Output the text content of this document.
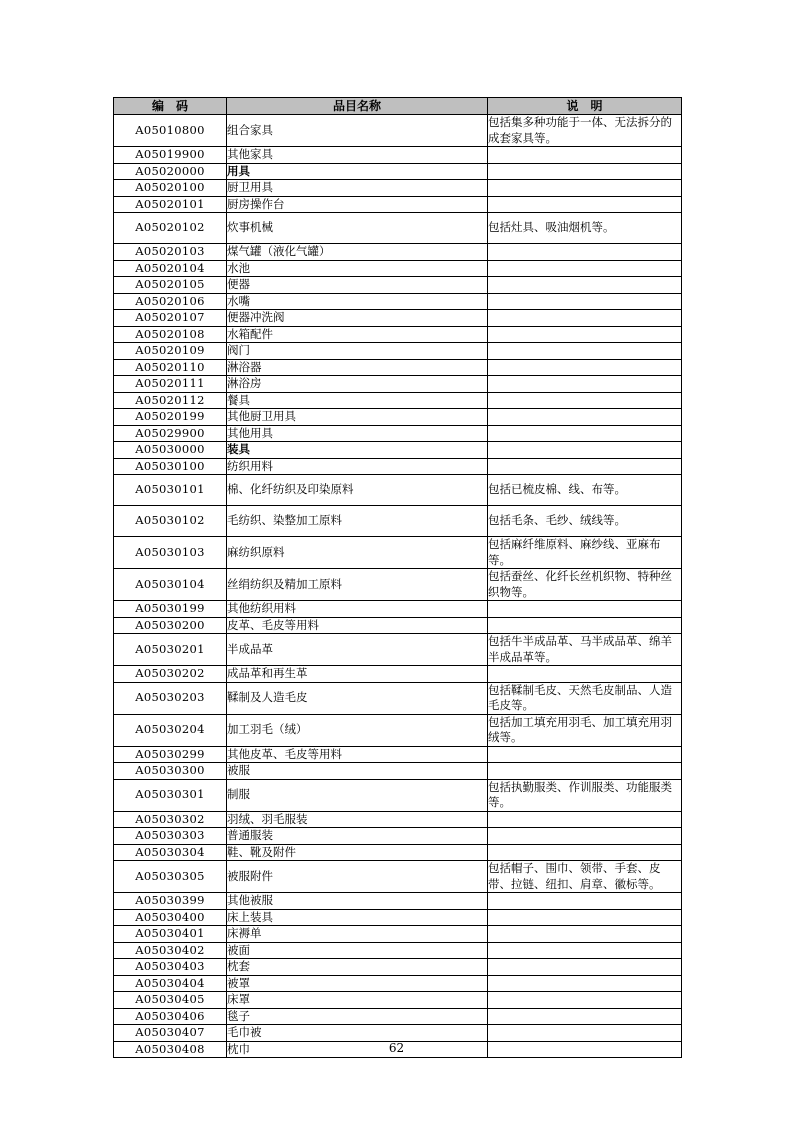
编　码	品目名称	说　明
A05010800	组合家具	包括集多种功能于一体、无法拆分的成套家具等。
A05019900	其他家具	
A05020000	用具	
A05020100	厨卫用具	
A05020101	厨房操作台	
A05020102	炊事机械	包括灶具、吸油烟机等。
A05020103	煤气罐（液化气罐）	
A05020104	水池	
A05020105	便器	
A05020106	水嘴	
A05020107	便器冲洗阀	
A05020108	水箱配件	
A05020109	阀门	
A05020110	淋浴器	
A05020111	淋浴房	
A05020112	餐具	
A05020199	其他厨卫用具	
A05029900	其他用具	
A05030000	装具	
A05030100	纺织用料	
A05030101	棉、化纤纺织及印染原料	包括已梳皮棉、线、布等。
A05030102	毛纺织、染整加工原料	包括毛条、毛纱、绒线等。
A05030103	麻纺织原料	包括麻纤维原料、麻纱线、亚麻布等。
A05030104	丝绢纺织及精加工原料	包括蚕丝、化纤长丝机织物、特种丝织物等。
A05030199	其他纺织用料	
A05030200	皮革、毛皮等用料	
A05030201	半成品革	包括牛半成品革、马半成品革、绵羊半成品革等。
A05030202	成品革和再生革	
A05030203	鞣制及人造毛皮	包括鞣制毛皮、天然毛皮制品、人造毛皮等。
A05030204	加工羽毛（绒）	包括加工填充用羽毛、加工填充用羽绒等。
A05030299	其他皮革、毛皮等用料	
A05030300	被服	
A05030301	制服	包括执勤服类、作训服类、功能服类等。
A05030302	羽绒、羽毛服装	
A05030303	普通服装	
A05030304	鞋、靴及附件	
A05030305	被服附件	包括帽子、围巾、领带、手套、皮带、拉链、纽扣、肩章、徽标等。
A05030399	其他被服	
A05030400	床上装具	
A05030401	床褥单	
A05030402	被面	
A05030403	枕套	
A05030404	被罩	
A05030405	床罩	
A05030406	毯子	
A05030407	毛巾被	
A05030408	枕巾		62
